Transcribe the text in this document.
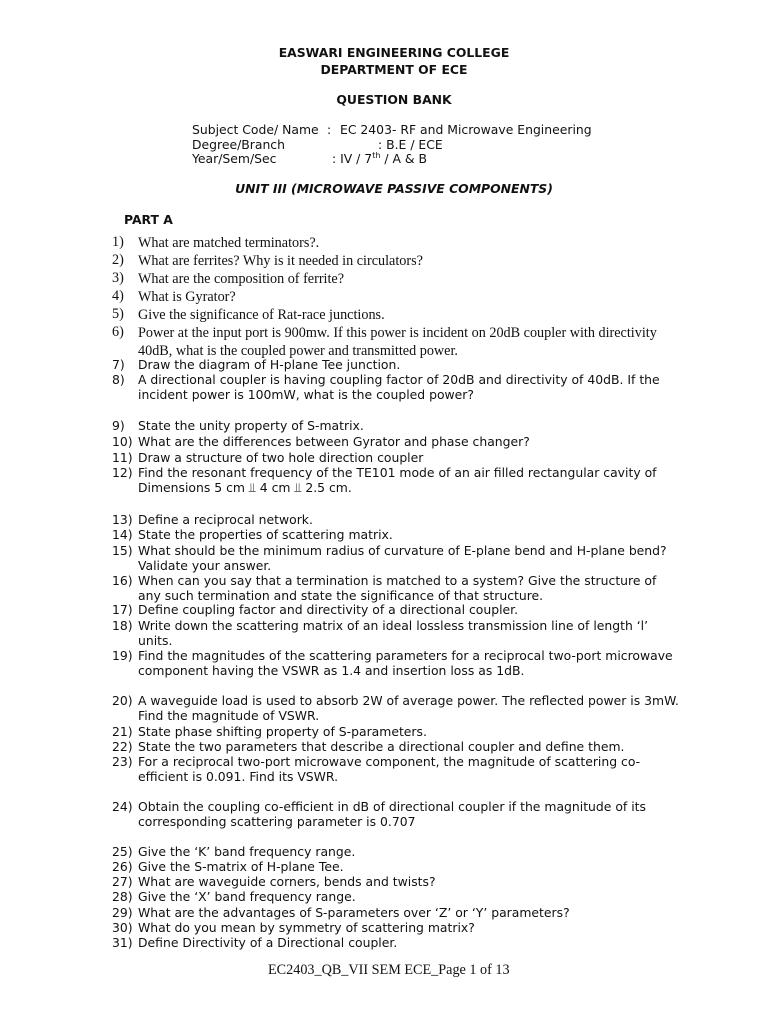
EASWARI ENGINEERING COLLEGE
DEPARTMENT OF ECE
QUESTION BANK
Subject Code/ Name : EC 2403- RF and Microwave Engineering
Degree/Branch	: B.E / ECE
Year/Sem/Sec	: IV / 7th / A & B
UNIT III (MICROWAVE PASSIVE COMPONENTS)
PART A
1) What are matched terminators?.
2) What are ferrites? Why is it needed in circulators?
3) What are the composition of ferrite?
4) What is Gyrator?
5) Give the significance of Rat-race junctions.
6) Power at the input port is 900mw. If this power is incident on 20dB coupler with directivity
40dB, what is the coupled power and transmitted power.
7) Draw the diagram of H-plane Tee junction.
8) A directional coupler is having coupling factor of 20dB and directivity of 40dB. If the
incident power is 100mW, what is the coupled power?
9) State the unity property of S-matrix.
10) What are the differences between Gyrator and phase changer?
11) Draw a structure of two hole direction coupler
12) Find the resonant frequency of the TE101 mode of an air filled rectangular cavity of
Dimensions 5 cm ⫫ 4 cm ⫫ 2.5 cm.
13) Define a reciprocal network.
14) State the properties of scattering matrix.
15) What should be the minimum radius of curvature of E-plane bend and H-plane bend?
Validate your answer.
16) When can you say that a termination is matched to a system? Give the structure of
any such termination and state the significance of that structure.
17) Define coupling factor and directivity of a directional coupler.
18) Write down the scattering matrix of an ideal lossless transmission line of length ‘l’
units.
19) Find the magnitudes of the scattering parameters for a reciprocal two-port microwave
component having the VSWR as 1.4 and insertion loss as 1dB.
20) A waveguide load is used to absorb 2W of average power. The reflected power is 3mW.
Find the magnitude of VSWR.
21) State phase shifting property of S-parameters.
22) State the two parameters that describe a directional coupler and define them.
23) For a reciprocal two-port microwave component, the magnitude of scattering co-
efficient is 0.091. Find its VSWR.
24) Obtain the coupling co-efficient in dB of directional coupler if the magnitude of its
corresponding scattering parameter is 0.707
25) Give the ‘K’ band frequency range.
26) Give the S-matrix of H-plane Tee.
27) What are waveguide corners, bends and twists?
28) Give the ‘X’ band frequency range.
29) What are the advantages of S-parameters over ‘Z’ or ‘Y’ parameters?
30) What do you mean by symmetry of scattering matrix?
31) Define Directivity of a Directional coupler.
EC2403_QB_VII SEM ECE_Page 1 of 13
